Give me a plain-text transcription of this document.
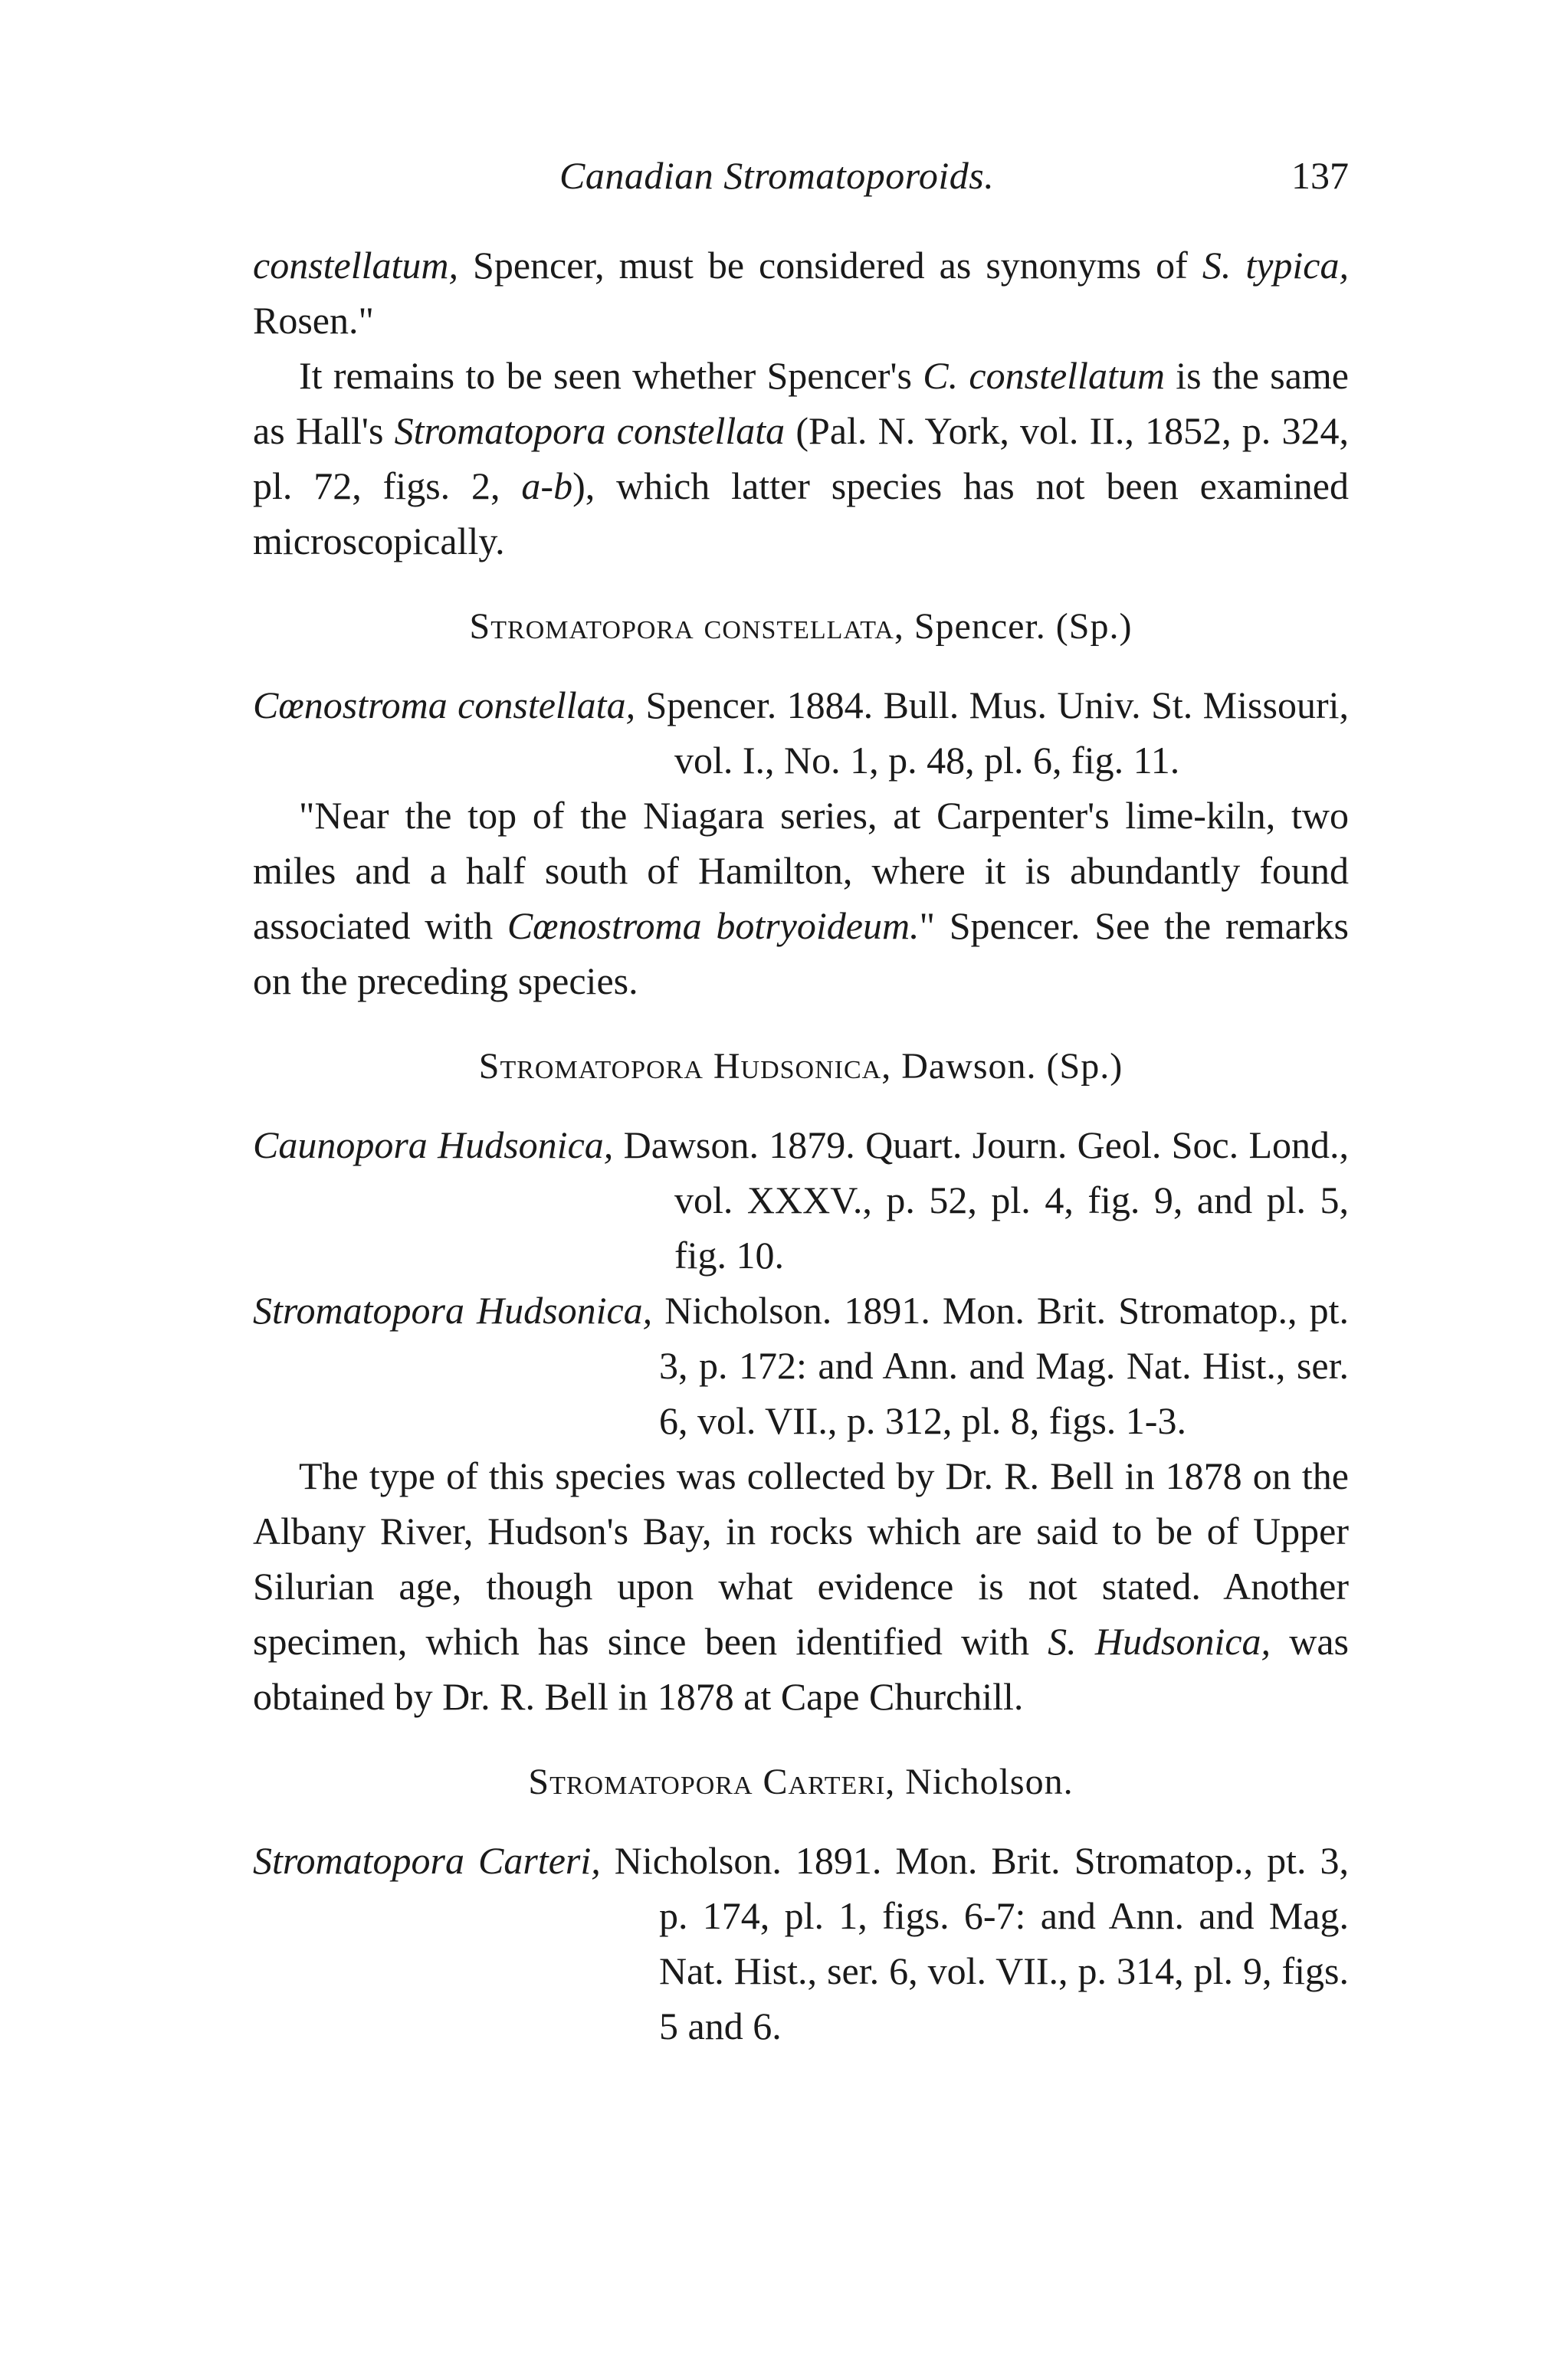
Canadian Stromatoporoids.	137

constellatum, Spencer, must be considered as synonyms of S. typica, Rosen."

It remains to be seen whether Spencer's C. constellatum is the same as Hall's Stromatopora constellata (Pal. N. York, vol. II., 1852, p. 324, pl. 72, figs. 2, a-b), which latter species has not been examined microscopically.

Stromatopora constellata, Spencer. (Sp.)

Cœnostroma constellata, Spencer. 1884. Bull. Mus. Univ. St. Missouri, vol. I., No. 1, p. 48, pl. 6, fig. 11.

"Near the top of the Niagara series, at Carpenter's lime-kiln, two miles and a half south of Hamilton, where it is abundantly found associated with Cœnostroma botryoideum." Spencer. See the remarks on the preceding species.

Stromatopora Hudsonica, Dawson. (Sp.)

Caunopora Hudsonica, Dawson. 1879. Quart. Journ. Geol. Soc. Lond., vol. XXXV., p. 52, pl. 4, fig. 9, and pl. 5, fig. 10.

Stromatopora Hudsonica, Nicholson. 1891. Mon. Brit. Stromatop., pt. 3, p. 172: and Ann. and Mag. Nat. Hist., ser. 6, vol. VII., p. 312, pl. 8, figs. 1-3.

The type of this species was collected by Dr. R. Bell in 1878 on the Albany River, Hudson's Bay, in rocks which are said to be of Upper Silurian age, though upon what evidence is not stated. Another specimen, which has since been identified with S. Hudsonica, was obtained by Dr. R. Bell in 1878 at Cape Churchill.

Stromatopora Carteri, Nicholson.

Stromatopora Carteri, Nicholson. 1891. Mon. Brit. Stromatop., pt. 3, p. 174, pl. 1, figs. 6-7: and Ann. and Mag. Nat. Hist., ser. 6, vol. VII., p. 314, pl. 9, figs. 5 and 6.
